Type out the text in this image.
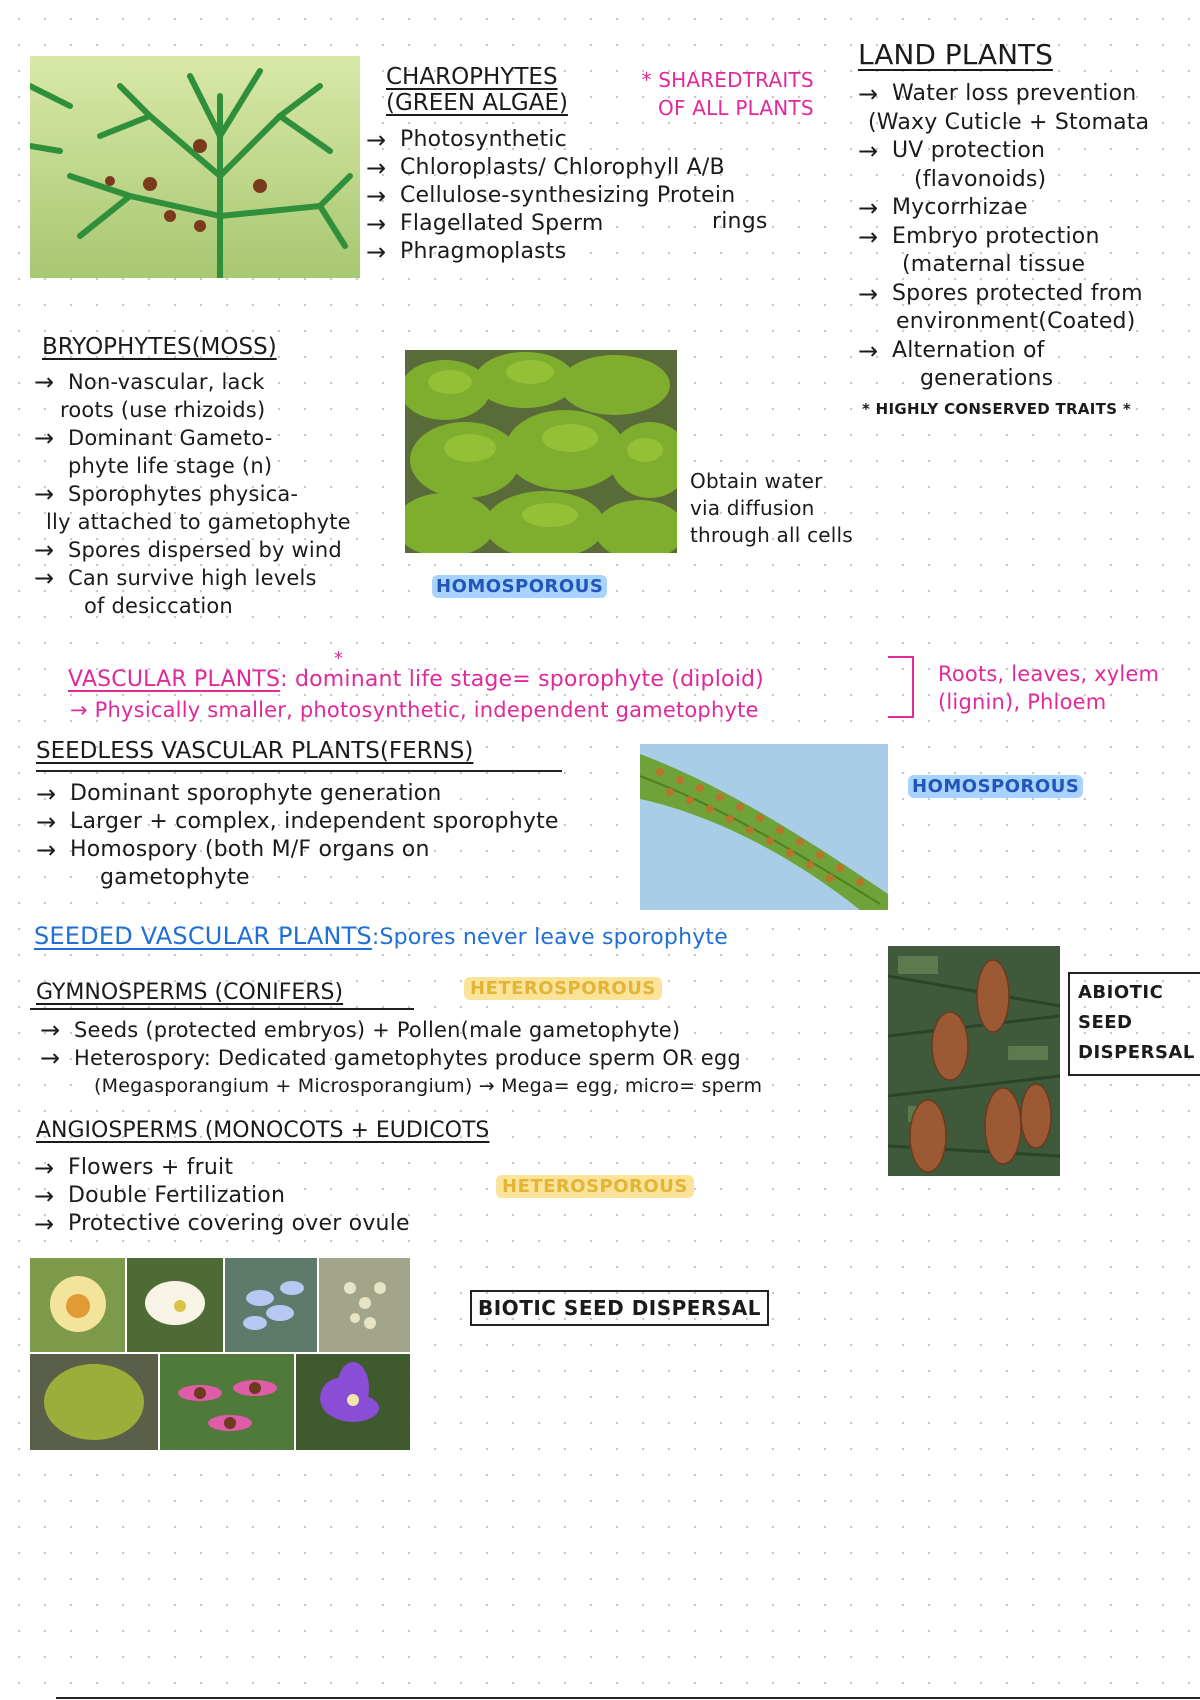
CHAROPHYTES
(GREEN ALGAE)
→ Photosynthetic
→ Chloroplasts/ Chlorophyll A/B
→ Cellulose-synthesizing Protein
→ Flagellated Sperm
→ Phragmoplasts
rings
* SHAREDTRAITS
OF ALL PLANTS
LAND PLANTS
→ Water loss prevention
(Waxy Cuticle + Stomata
→ UV protection
(flavonoids)
→ Mycorrhizae
→ Embryo protection
(maternal tissue
→ Spores protected from
environment(Coated)
→ Alternation of
generations
* HIGHLY CONSERVED TRAITS *
BRYOPHYTES(MOSS)
→ Non-vascular, lack
roots (use rhizoids)
→ Dominant Gameto-
phyte life stage (n)
→ Sporophytes physica-
lly attached to gametophyte
→ Spores dispersed by wind
→ Can survive high levels
of desiccation
Obtain water
via diffusion
through all cells
HOMOSPOROUS
*
VASCULAR PLANTS: dominant life stage= sporophyte (diploid)
→ Physically smaller, photosynthetic, independent gametophyte
Roots, leaves, xylem
(lignin), Phloem
SEEDLESS VASCULAR PLANTS(FERNS)
→ Dominant sporophyte generation
→ Larger + complex, independent sporophyte
→ Homospory (both M/F organs on
gametophyte
HOMOSPOROUS
SEEDED VASCULAR PLANTS:Spores never leave sporophyte
GYMNOSPERMS (CONIFERS)	HETEROSPOROUS
→ Seeds (protected embryos) + Pollen(male gametophyte)
→ Heterospory: Dedicated gametophytes produce sperm OR egg
(Megasporangium + Microsporangium) → Mega= egg, micro= sperm
ABIOTIC
SEED
DISPERSAL
ANGIOSPERMS (MONOCOTS + EUDICOTS
→ Flowers + fruit
→ Double Fertilization
→ Protective covering over ovule
HETEROSPOROUS
BIOTIC SEED DISPERSAL
